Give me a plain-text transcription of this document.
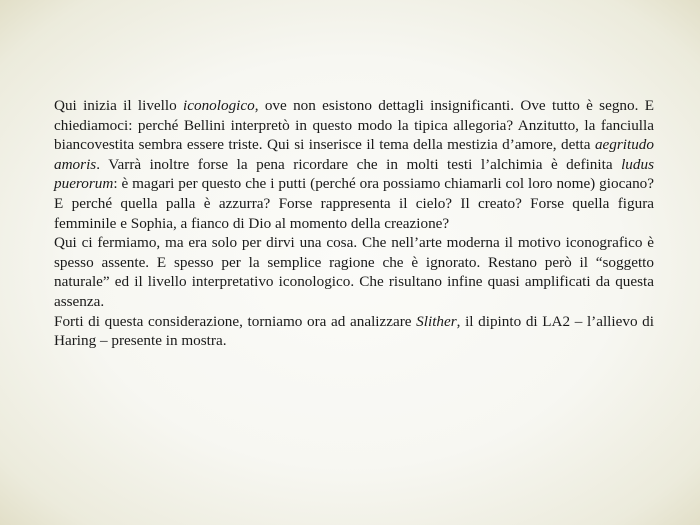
Qui inizia il livello iconologico, ove non esistono dettagli insignificanti. Ove tutto è segno. E chiediamoci: perché Bellini interpretò in questo modo la tipica allegoria? Anzitutto, la fanciulla biancovestita sembra essere triste. Qui si inserisce il tema della mestizia d’amore, detta aegritudo amoris. Varrà inoltre forse la pena ricordare che in molti testi l’alchimia è definita ludus puerorum: è magari per questo che i putti (perché ora possiamo chiamarli col loro nome) giocano? E perché quella palla è azzurra? Forse rappresenta il cielo? Il creato? Forse quella figura femminile e Sophia, a fianco di Dio al momento della creazione?

Qui ci fermiamo, ma era solo per dirvi una cosa. Che nell’arte moderna il motivo iconografico è spesso assente. E spesso per la semplice ragione che è ignorato. Restano però il “soggetto naturale” ed il livello interpretativo iconologico. Che risultano infine quasi amplificati da questa assenza.

Forti di questa considerazione, torniamo ora ad analizzare Slither, il dipinto di LA2 – l’allievo di Haring – presente in mostra.
